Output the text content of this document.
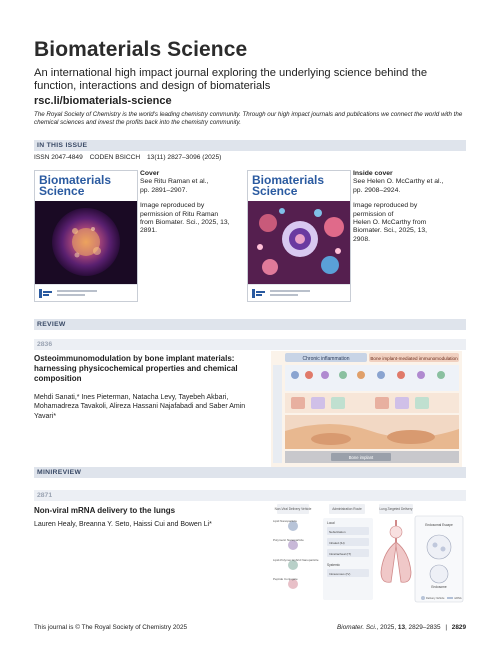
Biomaterials Science
An international high impact journal exploring the underlying science behind the function, interactions and design of biomaterials
rsc.li/biomaterials-science
The Royal Society of Chemistry is the world’s leading chemistry community. Through our high impact journals and publications we connect the world with the chemical sciences and invest the profits back into the chemistry community.
IN THIS ISSUE
ISSN 2047-4849 CODEN BSICCH 13(11) 2827–3096 (2025)
Biomaterials
Science
Cover
See Ritu Raman et al.,
pp. 2891–2907.
Image reproduced by
permission of Ritu Raman
from Biomater. Sci., 2025, 13,
2891.
Biomaterials
Science
Inside cover
See Helen O. McCarthy et al.,
pp. 2908–2924.
Image reproduced by
permission of
Helen O. McCarthy from
Biomater. Sci., 2025, 13,
2908.
REVIEW
2836
Osteoimmunomodulation by bone implant materials: harnessing physicochemical properties and chemical composition
Mehdi Sanati,* Ines Pieterman, Natacha Levy, Tayebeh Akbari, Mohamadreza Tavakoli, Alireza Hassani Najafabadi and Saber Amin Yavari*
Chronic inflammation	Bone implant-mediated immunomodulation
Bone implant
MINIREVIEW
2871
Non-viral mRNA delivery to the lungs
Lauren Healy, Breanna Y. Seto, Haissi Cui and Bowen Li*
Non-Viral Delivery Vehicle	Administration Route	Lung-Targeted Delivery
Lipid Nanoparticle
Polymeric Nanoparticle
Lipid-Polymer Hybrid Nanoparticle
Peptide Conjugate
Local
Nebulization
Inhaled (IH)
Intratracheal (IT)
Systemic
Intravenous (IV)
Endosomal Escape
Endosome
Delivery Vehicle	mRNA
This journal is © The Royal Society of Chemistry 2025	Biomater. Sci., 2025, 13, 2829–2835 | 2829
